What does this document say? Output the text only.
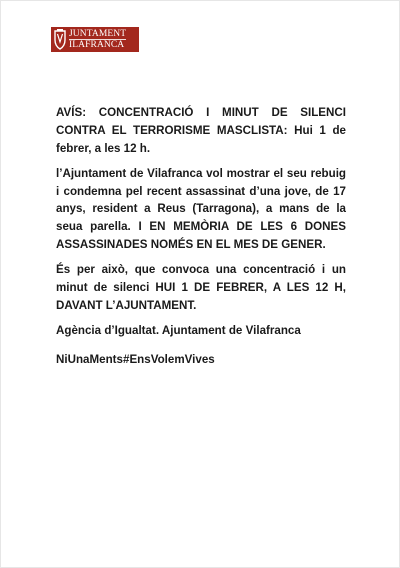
JUNTAMENT
ILAFRANCA

AVÍS: CONCENTRACIÓ I MINUT DE SILENCI CONTRA EL TERRORISME MASCLISTA: Hui 1 de febrer, a les 12 h.

l’Ajuntament de Vilafranca vol mostrar el seu rebuig i condemna pel recent assassinat d’una jove, de 17 anys, resident a Reus (Tarragona), a mans de la seua parella. I EN MEMÒRIA DE LES 6 DONES ASSASSINADES NOMÉS EN EL MES DE GENER.

És per això, que convoca una concentració i un minut de silenci HUI 1 DE FEBRER, A LES 12 H, DAVANT L’AJUNTAMENT.

Agència d’Igualtat. Ajuntament de Vilafranca

NiUnaMents#EnsVolemVives
